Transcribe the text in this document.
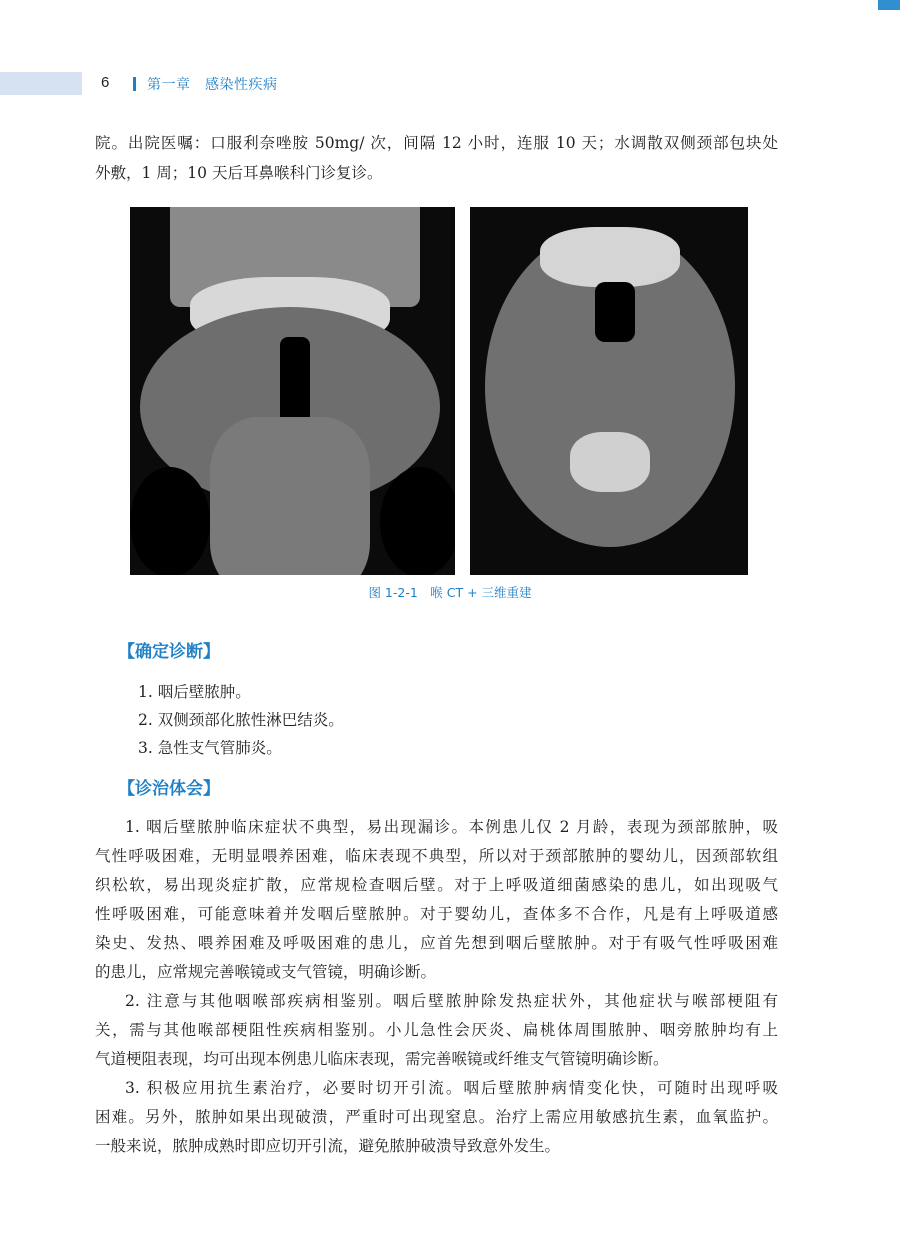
6	第一章　感染性疾病
院。出院医嘱：口服利奈唑胺 50mg/ 次，间隔 12 小时，连服 10 天；水调散双侧颈部包块处
外敷，1 周；10 天后耳鼻喉科门诊复诊。
图 1-2-1　喉 CT + 三维重建
【确定诊断】
1. 咽后壁脓肿。
2. 双侧颈部化脓性淋巴结炎。
3. 急性支气管肺炎。
【诊治体会】
1. 咽后壁脓肿临床症状不典型，易出现漏诊。本例患儿仅 2 月龄，表现为颈部脓肿，吸
气性呼吸困难，无明显喂养困难，临床表现不典型，所以对于颈部脓肿的婴幼儿，因颈部软组
织松软，易出现炎症扩散，应常规检查咽后壁。对于上呼吸道细菌感染的患儿，如出现吸气
性呼吸困难，可能意味着并发咽后壁脓肿。对于婴幼儿，查体多不合作，凡是有上呼吸道感
染史、发热、喂养困难及呼吸困难的患儿，应首先想到咽后壁脓肿。对于有吸气性呼吸困难
的患儿，应常规完善喉镜或支气管镜，明确诊断。
2. 注意与其他咽喉部疾病相鉴别。咽后壁脓肿除发热症状外，其他症状与喉部梗阻有
关，需与其他喉部梗阻性疾病相鉴别。小儿急性会厌炎、扁桃体周围脓肿、咽旁脓肿均有上
气道梗阻表现，均可出现本例患儿临床表现，需完善喉镜或纤维支气管镜明确诊断。
3. 积极应用抗生素治疗，必要时切开引流。咽后壁脓肿病情变化快，可随时出现呼吸
困难。另外，脓肿如果出现破溃，严重时可出现窒息。治疗上需应用敏感抗生素，血氧监护。
一般来说，脓肿成熟时即应切开引流，避免脓肿破溃导致意外发生。
